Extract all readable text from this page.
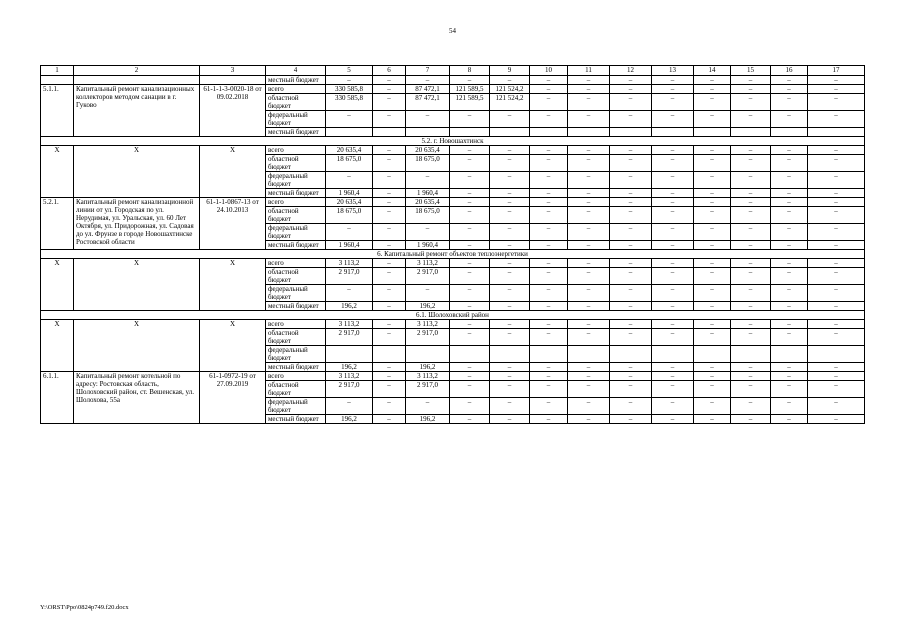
54
1	2	3	4	5	6	7	8	9	10	11	12	13	14	15	16	17
			местный бюджет	–	–	–	–	–	–	–	–	–	–	–	–	–
5.1.1.	Капитальный ремонт канализационных коллекторов методом санации в г. Гуково	61-1-1-3-0020-18 от 09.02.2018	всего	330 585,8	–	87 472,1	121 589,5	121 524,2	–	–	–	–	–	–	–	–
			областной бюджет	330 585,8	–	87 472,1	121 589,5	121 524,2	–	–	–	–	–	–	–	–
			федеральный бюджет	–	–	–	–	–	–	–	–	–	–	–	–	–
			местный бюджет													
5.2. г. Новошахтинск																
Х	Х	Х	всего	20 635,4	–	20 635,4	–	–	–	–	–	–	–	–	–	–
			областной бюджет	18 675,0	–	18 675,0	–	–	–	–	–	–	–	–	–	–
			федеральный бюджет	–	–	–	–	–	–	–	–	–	–	–	–	–
			местный бюджет	1 960,4	–	1 960,4	–	–	–	–	–	–	–	–	–	–
5.2.1.	Капитальный ремонт канализационной линии от ул. Городская по ул. Нерудимая, ул. Уральская, ул. 60 Лет Октября, ул. Придорожная, ул. Садовая до ул. Фрунзе в городе Новошахтинске Ростовской области	61-1-1-0867-13 от 24.10.2013	всего	20 635,4	–	20 635,4	–	–	–	–	–	–	–	–	–	–
			областной бюджет	18 675,0	–	18 675,0	–	–	–	–	–	–	–	–	–	–
			федеральный бюджет	–	–	–	–	–	–	–	–	–	–	–	–	–
			местный бюджет	1 960,4	–	1 960,4	–	–	–	–	–	–	–	–	–	–
6. Капитальный ремонт объектов теплоэнергетики																
Х	Х	Х	всего	3 113,2	–	3 113,2	–	–	–	–	–	–	–	–	–	–
			областной бюджет	2 917,0	–	2 917,0	–	–	–	–	–	–	–	–	–	–
			федеральный бюджет	–	–	–	–	–	–	–	–	–	–	–	–	–
			местный бюджет	196,2	–	196,2	–	–	–	–	–	–	–	–	–	–
6.1. Шолоховский район																
Х	Х	Х	всего	3 113,2	–	3 113,2	–	–	–	–	–	–	–	–	–	–
			областной бюджет	2 917,0	–	2 917,0	–	–	–	–	–	–	–	–	–	–
			федеральный бюджет													
			местный бюджет	196,2	–	196,2	–	–	–	–	–	–	–	–	–	–
6.1.1.	Капитальный ремонт котельной по адресу: Ростовская область, Шолоховский район, ст. Вешенская, ул. Шолохова, 55а	61-1-0972-19 от 27.09.2019	всего	3 113,2	–	3 113,2	–	–	–	–	–	–	–	–	–	–
			областной бюджет	2 917,0	–	2 917,0	–	–	–	–	–	–	–	–	–	–
			федеральный бюджет	–	–	–	–	–	–	–	–	–	–	–	–	–
			местный бюджет	196,2	–	196,2	–	–	–	–	–	–	–	–	–	–
Y:\ORST\Ppo\0824p749.f20.docx
